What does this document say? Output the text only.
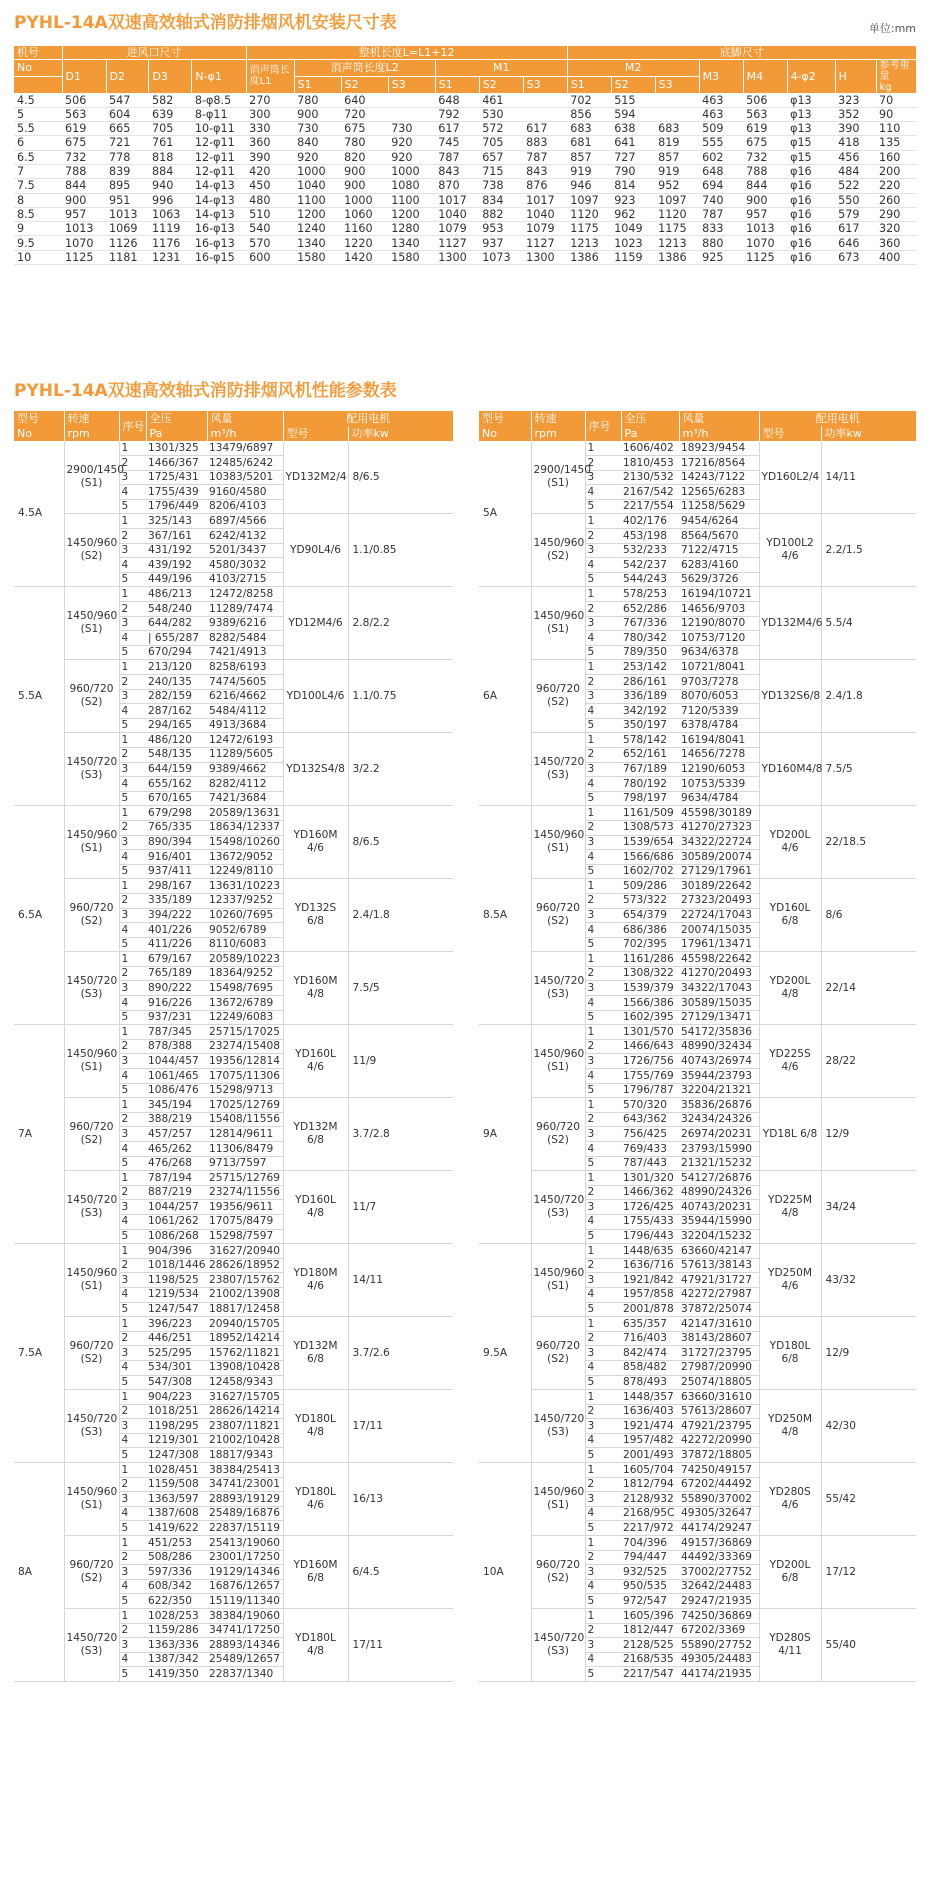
PYHL-14A双速高效轴式消防排烟风机安装尺寸表	单位:mm
机号	进风口尺寸				整机长度L=L1+12							底脚尺寸							
No	D1	D2	D3	N-φ1	消声筒长度L1	消声筒长度L2			M1			M2			M3	M4	4-φ2	H	参考重量
kg
						S1	S2	S3	S1	S2	S3	S1	S2	S3					
4.5	506	547	582	8-φ8.5	270	780	640		648	461		702	515		463	506	φ13	323	70
5	563	604	639	8-φ11	300	900	720		792	530		856	594		463	563	φ13	352	90
5.5	619	665	705	10-φ11	330	730	675	730	617	572	617	683	638	683	509	619	φ13	390	110
6	675	721	761	12-φ11	360	840	780	920	745	705	883	681	641	819	555	675	φ15	418	135
6.5	732	778	818	12-φ11	390	920	820	920	787	657	787	857	727	857	602	732	φ15	456	160
7	788	839	884	12-φ11	420	1000	900	1000	843	715	843	919	790	919	648	788	φ16	484	200
7.5	844	895	940	14-φ13	450	1040	900	1080	870	738	876	946	814	952	694	844	φ16	522	220
8	900	951	996	14-φ13	480	1100	1000	1100	1017	834	1017	1097	923	1097	740	900	φ16	550	260
8.5	957	1013	1063	14-φ13	510	1200	1060	1200	1040	882	1040	1120	962	1120	787	957	φ16	579	290
9	1013	1069	1119	16-φ13	540	1240	1160	1280	1079	953	1079	1175	1049	1175	833	1013	φ16	617	320
9.5	1070	1126	1176	16-φ13	570	1340	1220	1340	1127	937	1127	1213	1023	1213	880	1070	φ16	646	360
10	1125	1181	1231	16-φ15	600	1580	1420	1580	1300	1073	1300	1386	1159	1386	925	1125	φ16	673	400
PYHL-14A双速高效轴式消防排烟风机性能参数表
型号	转速	序号	全压	风量	配用电机	
No	rpm		Pa	m³/h	型号	功率kw
4.5A	2900/1450 (S1)	1	1301/325	13479/6897	YD132M2/4	8/6.5
		2	1466/367	12485/6242		
		3	1725/431	10383/5201		
		4	1755/439	9160/4580		
		5	1796/449	8206/4103		
	1450/960 (S2)	1	325/143	6897/4566	YD90L4/6	1.1/0.85
		2	367/161	6242/4132		
		3	431/192	5201/3437		
		4	439/192	4580/3032		
		5	449/196	4103/2715		
5.5A	1450/960 (S1)	1	486/213	12472/8258	YD12M4/6	2.8/2.2
		2	548/240	11289/7474		
		3	644/282	9389/6216		
		4	| 655/287	8282/5484		
		5	670/294	7421/4913		
	960/720 (S2)	1	213/120	8258/6193	YD100L4/6	1.1/0.75
		2	240/135	7474/5605		
		3	282/159	6216/4662		
		4	287/162	5484/4112		
		5	294/165	4913/3684		
	1450/720 (S3)	1	486/120	12472/6193	YD132S4/8	3/2.2
		2	548/135	11289/5605		
		3	644/159	9389/4662		
		4	655/162	8282/4112		
		5	670/165	7421/3684		
6.5A	1450/960 (S1)	1	679/298	20589/13631	YD160M 4/6	8/6.5
		2	765/335	18634/12337		
		3	890/394	15498/10260		
		4	916/401	13672/9052		
		5	937/411	12249/8110		
	960/720 (S2)	1	298/167	13631/10223	YD132S 6/8	2.4/1.8
		2	335/189	12337/9252		
		3	394/222	10260/7695		
		4	401/226	9052/6789		
		5	411/226	8110/6083		
	1450/720 (S3)	1	679/167	20589/10223	YD160M 4/8	7.5/5
		2	765/189	18364/9252		
		3	890/222	15498/7695		
		4	916/226	13672/6789		
		5	937/231	12249/6083		
7A	1450/960 (S1)	1	787/345	25715/17025	YD160L 4/6	11/9
		2	878/388	23274/15408		
		3	1044/457	19356/12814		
		4	1061/465	17075/11306		
		5	1086/476	15298/9713		
	960/720 (S2)	1	345/194	17025/12769	YD132M 6/8	3.7/2.8
		2	388/219	15408/11556		
		3	457/257	12814/9611		
		4	465/262	11306/8479		
		5	476/268	9713/7597		
	1450/720 (S3)	1	787/194	25715/12769	YD160L 4/8	11/7
		2	887/219	23274/11556		
		3	1044/257	19356/9611		
		4	1061/262	17075/8479		
		5	1086/268	15298/7597		
7.5A	1450/960 (S1)	1	904/396	31627/20940	YD180M 4/6	14/11
		2	1018/1446	28626/18952		
		3	1198/525	23807/15762		
		4	1219/534	21002/13908		
		5	1247/547	18817/12458		
	960/720 (S2)	1	396/223	20940/15705	YD132M 6/8	3.7/2.6
		2	446/251	18952/14214		
		3	525/295	15762/11821		
		4	534/301	13908/10428		
		5	547/308	12458/9343		
	1450/720 (S3)	1	904/223	31627/15705	YD180L 4/8	17/11
		2	1018/251	28626/14214		
		3	1198/295	23807/11821		
		4	1219/301	21002/10428		
		5	1247/308	18817/9343		
8A	1450/960 (S1)	1	1028/451	38384/25413	YD180L 4/6	16/13
		2	1159/508	34741/23001		
		3	1363/597	28893/19129		
		4	1387/608	25489/16876		
		5	1419/622	22837/15119		
	960/720 (S2)	1	451/253	25413/19060	YD160M 6/8	6/4.5
		2	508/286	23001/17250		
		3	597/336	19129/14346		
		4	608/342	16876/12657		
		5	622/350	15119/11340		
	1450/720 (S3)	1	1028/253	38384/19060	YD180L 4/8	17/11
		2	1159/286	34741/17250		
		3	1363/336	28893/14346		
		4	1387/342	25489/12657		
		5	1419/350	22837/1340		
型号	转速	序号	全压	风量	配用电机	
No	rpm		Pa	m³/h	型号	功率kw
5A	2900/1450 (S1)	1	1606/402	18923/9454	YD160L2/4	14/11
		2	1810/453	17216/8564		
		3	2130/532	14243/7122		
		4	2167/542	12565/6283		
		5	2217/554	11258/5629		
	1450/960 (S2)	1	402/176	9454/6264	YD100L2 4/6	2.2/1.5
		2	453/198	8564/5670		
		3	532/233	7122/4715		
		4	542/237	6283/4160		
		5	544/243	5629/3726		
6A	1450/960 (S1)	1	578/253	16194/10721	YD132M4/6	5.5/4
		2	652/286	14656/9703		
		3	767/336	12190/8070		
		4	780/342	10753/7120		
		5	789/350	9634/6378		
	960/720 (S2)	1	253/142	10721/8041	YD132S6/8	2.4/1.8
		2	286/161	9703/7278		
		3	336/189	8070/6053		
		4	342/192	7120/5339		
		5	350/197	6378/4784		
	1450/720 (S3)	1	578/142	16194/8041	YD160M4/8	7.5/5
		2	652/161	14656/7278		
		3	767/189	12190/6053		
		4	780/192	10753/5339		
		5	798/197	9634/4784		
8.5A	1450/960 (S1)	1	1161/509	45598/30189	YD200L 4/6	22/18.5
		2	1308/573	41270/27323		
		3	1539/654	34322/22724		
		4	1566/686	30589/20074		
		5	1602/702	27129/17961		
	960/720 (S2)	1	509/286	30189/22642	YD160L 6/8	8/6
		2	573/322	27323/20493		
		3	654/379	22724/17043		
		4	686/386	20074/15035		
		5	702/395	17961/13471		
	1450/720 (S3)	1	1161/286	45598/22642	YD200L 4/8	22/14
		2	1308/322	41270/20493		
		3	1539/379	34322/17043		
		4	1566/386	30589/15035		
		5	1602/395	27129/13471		
9A	1450/960 (S1)	1	1301/570	54172/35836	YD225S 4/6	28/22
		2	1466/643	48990/32434		
		3	1726/756	40743/26974		
		4	1755/769	35944/23793		
		5	1796/787	32204/21321		
	960/720 (S2)	1	570/320	35836/26876	YD18L 6/8	12/9
		2	643/362	32434/24326		
		3	756/425	26974/20231		
		4	769/433	23793/15990		
		5	787/443	21321/15232		
	1450/720 (S3)	1	1301/320	54127/26876	YD225M 4/8	34/24
		2	1466/362	48990/24326		
		3	1726/425	40743/20231		
		4	1755/433	35944/15990		
		5	1796/443	32204/15232		
9.5A	1450/960 (S1)	1	1448/635	63660/42147	YD250M 4/6	43/32
		2	1636/716	57613/38143		
		3	1921/842	47921/31727		
		4	1957/858	42272/27987		
		5	2001/878	37872/25074		
	960/720 (S2)	1	635/357	42147/31610	YD180L 6/8	12/9
		2	716/403	38143/28607		
		3	842/474	31727/23795		
		4	858/482	27987/20990		
		5	878/493	25074/18805		
	1450/720 (S3)	1	1448/357	63660/31610	YD250M 4/8	42/30
		2	1636/403	57613/28607		
		3	1921/474	47921/23795		
		4	1957/482	42272/20990		
		5	2001/493	37872/18805		
10A	1450/960 (S1)	1	1605/704	74250/49157	YD280S 4/6	55/42
		2	1812/794	67202/44492		
		3	2128/932	55890/37002		
		4	2168/95C	49305/32647		
		5	2217/972	44174/29247		
	960/720 (S2)	1	704/396	49157/36869	YD200L 6/8	17/12
		2	794/447	44492/33369		
		3	932/525	37002/27752		
		4	950/535	32642/24483		
		5	972/547	29247/21935		
	1450/720 (S3)	1	1605/396	74250/36869	YD280S 4/11	55/40
		2	1812/447	67202/3369		
		3	2128/525	55890/27752		
		4	2168/535	49305/24483		
		5	2217/547	44174/21935		
